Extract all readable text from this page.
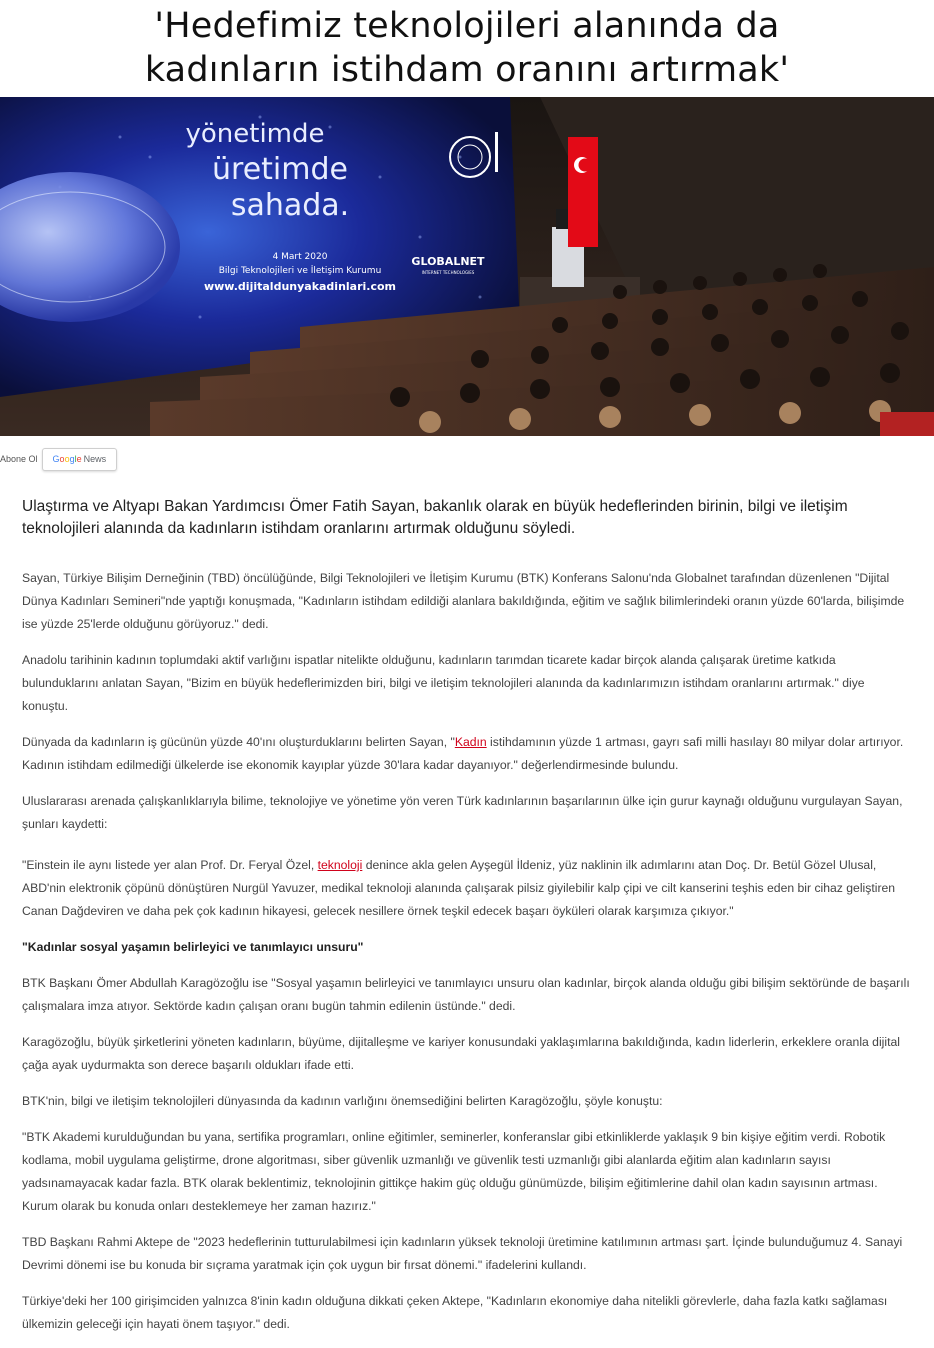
'Hedefimiz teknolojileri alanında da
kadınların istihdam oranını artırmak'
yönetimde
üretimde
sahada.
4 Mart 2020
Bilgi Teknolojileri ve İletişim Kurumu
www.dijitaldunyakadinlari.com
GLOBALNET
INTERNET TECHNOLOGIES
Abone Ol Google News
Ulaştırma ve Altyapı Bakan Yardımcısı Ömer Fatih Sayan, bakanlık olarak en büyük hedeflerinden birinin, bilgi ve iletişim teknolojileri alanında da kadınların istihdam oranlarını artırmak olduğunu söyledi.

Sayan, Türkiye Bilişim Derneğinin (TBD) öncülüğünde, Bilgi Teknolojileri ve İletişim Kurumu (BTK) Konferans Salonu'nda Globalnet tarafından düzenlenen "Dijital Dünya Kadınları Semineri"nde yaptığı konuşmada, "Kadınların istihdam edildiği alanlara bakıldığında, eğitim ve sağlık bilimlerindeki oranın yüzde 60'larda, bilişimde ise yüzde 25'lerde olduğunu görüyoruz." dedi.

Anadolu tarihinin kadının toplumdaki aktif varlığını ispatlar nitelikte olduğunu, kadınların tarımdan ticarete kadar birçok alanda çalışarak üretime katkıda bulunduklarını anlatan Sayan, "Bizim en büyük hedeflerimizden biri, bilgi ve iletişim teknolojileri alanında da kadınlarımızın istihdam oranlarını artırmak." diye konuştu.

Dünyada da kadınların iş gücünün yüzde 40'ını oluşturduklarını belirten Sayan, "Kadın istihdamının yüzde 1 artması, gayrı safi milli hasılayı 80 milyar dolar artırıyor. Kadının istihdam edilmediği ülkelerde ise ekonomik kayıplar yüzde 30'lara kadar dayanıyor." değerlendirmesinde bulundu.

Uluslararası arenada çalışkanlıklarıyla bilime, teknolojiye ve yönetime yön veren Türk kadınlarının başarılarının ülke için gurur kaynağı olduğunu vurgulayan Sayan, şunları kaydetti:

"Einstein ile aynı listede yer alan Prof. Dr. Feryal Özel, teknoloji denince akla gelen Ayşegül İldeniz, yüz naklinin ilk adımlarını atan Doç. Dr. Betül Gözel Ulusal, ABD'nin elektronik çöpünü dönüştüren Nurgül Yavuzer, medikal teknoloji alanında çalışarak pilsiz giyilebilir kalp çipi ve cilt kanserini teşhis eden bir cihaz geliştiren Canan Dağdeviren ve daha pek çok kadının hikayesi, gelecek nesillere örnek teşkil edecek başarı öyküleri olarak karşımıza çıkıyor."

"Kadınlar sosyal yaşamın belirleyici ve tanımlayıcı unsuru"

BTK Başkanı Ömer Abdullah Karagözoğlu ise "Sosyal yaşamın belirleyici ve tanımlayıcı unsuru olan kadınlar, birçok alanda olduğu gibi bilişim sektöründe de başarılı çalışmalara imza atıyor. Sektörde kadın çalışan oranı bugün tahmin edilenin üstünde." dedi.

Karagözoğlu, büyük şirketlerini yöneten kadınların, büyüme, dijitalleşme ve kariyer konusundaki yaklaşımlarına bakıldığında, kadın liderlerin, erkeklere oranla dijital çağa ayak uydurmakta son derece başarılı oldukları ifade etti.

BTK'nin, bilgi ve iletişim teknolojileri dünyasında da kadının varlığını önemsediğini belirten Karagözoğlu, şöyle konuştu:

"BTK Akademi kurulduğundan bu yana, sertifika programları, online eğitimler, seminerler, konferanslar gibi etkinliklerde yaklaşık 9 bin kişiye eğitim verdi. Robotik kodlama, mobil uygulama geliştirme, drone algoritması, siber güvenlik uzmanlığı ve güvenlik testi uzmanlığı gibi alanlarda eğitim alan kadınların sayısı yadsınamayacak kadar fazla. BTK olarak beklentimiz, teknolojinin gittikçe hakim güç olduğu günümüzde, bilişim eğitimlerine dahil olan kadın sayısının artması. Kurum olarak bu konuda onları desteklemeye her zaman hazırız."

TBD Başkanı Rahmi Aktepe de "2023 hedeflerinin tutturulabilmesi için kadınların yüksek teknoloji üretimine katılımının artması şart. İçinde bulunduğumuz 4. Sanayi Devrimi dönemi ise bu konuda bir sıçrama yaratmak için çok uygun bir fırsat dönemi." ifadelerini kullandı.

Türkiye'deki her 100 girişimciden yalnızca 8'inin kadın olduğuna dikkati çeken Aktepe, "Kadınların ekonomiye daha nitelikli görevlerle, daha fazla katkı sağlaması ülkemizin geleceği için hayati önem taşıyor." dedi.
